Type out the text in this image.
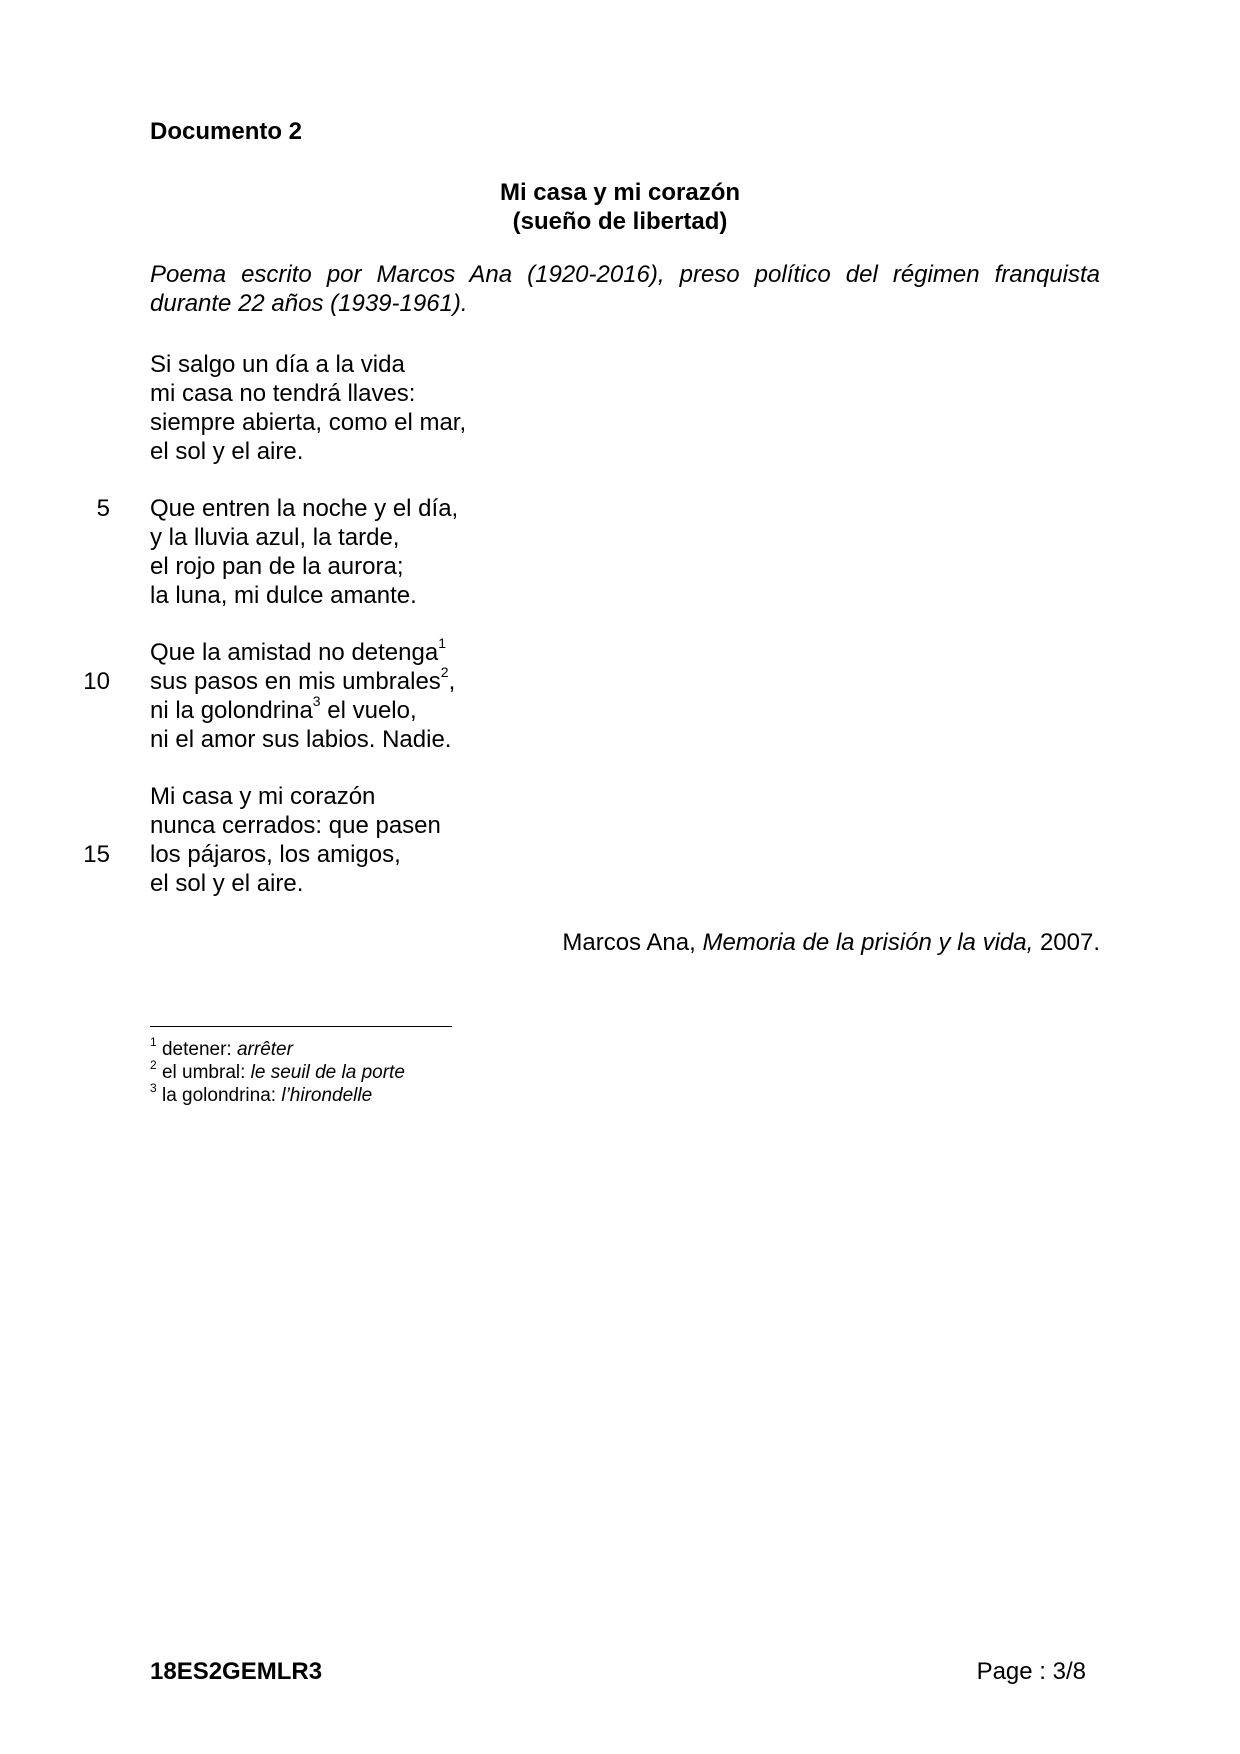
Documento 2
Mi casa y mi corazón
(sueño de libertad)
Poema escrito por Marcos Ana (1920-2016), preso político del régimen franquista durante 22 años (1939-1961).
Si salgo un día a la vida
mi casa no tendrá llaves:
siempre abierta, como el mar,
el sol y el aire.
5 Que entren la noche y el día,
y la lluvia azul, la tarde,
el rojo pan de la aurora;
la luna, mi dulce amante.
Que la amistad no detenga$^1$
10 sus pasos en mis umbrales$^2$,
ni la golondrina$^3$ el vuelo,
ni el amor sus labios. Nadie.
Mi casa y mi corazón
nunca cerrados: que pasen
15 los pájaros, los amigos,
el sol y el aire.
Marcos Ana, Memoria de la prisión y la vida, 2007.
$^1$ detener: arrêter
$^2$ el umbral: le seuil de la porte
$^3$ la golondrina: l’hirondelle
18ES2GEMLR3	Page : 3/8
